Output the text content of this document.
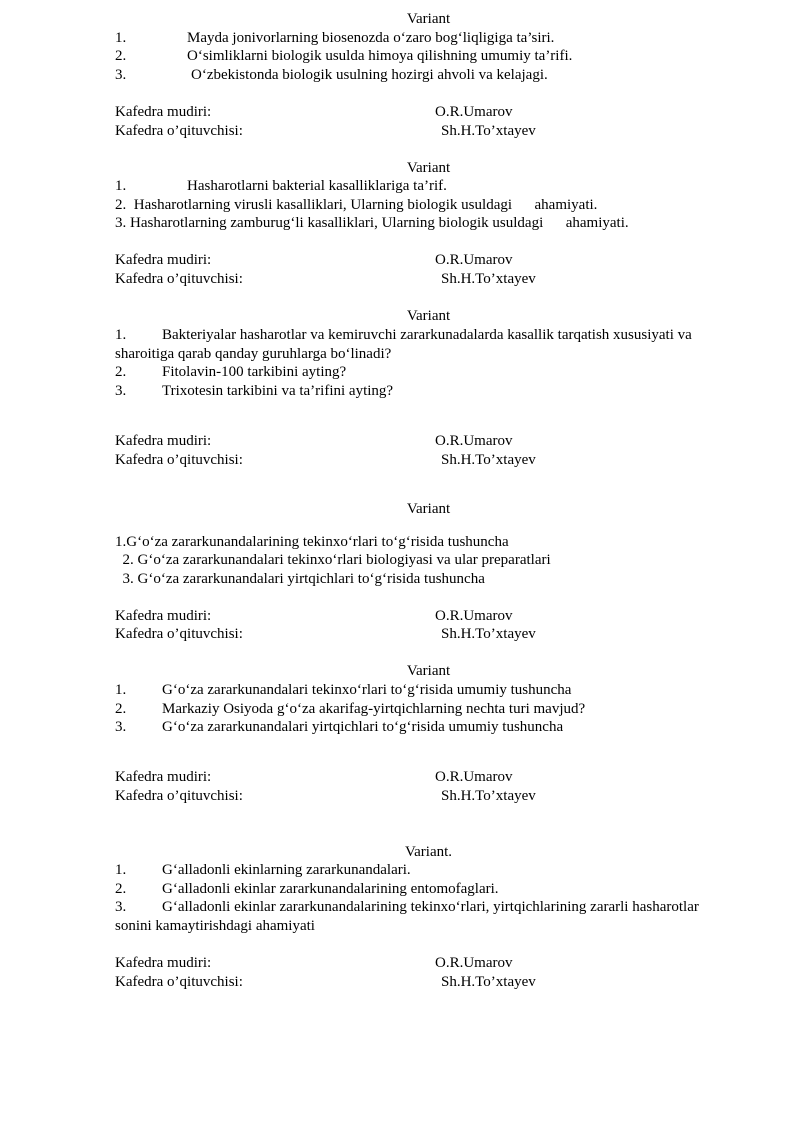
Variant
1.	Mayda jonivorlarning biosenozda o‘zaro bog‘liqligiga ta’siri.
2.	O‘simliklarni biologik usulda himoya qilishning umumiy ta’rifi.
3.	O‘zbekistonda biologik usulning hozirgi ahvoli va kelajagi.
Kafedra mudiri:	O.R.Umarov
Kafedra o’qituvchisi:	Sh.H.To’xtayev
Variant
1.	Hasharotlarni bakterial kasalliklariga ta’rif.
2.  Hasharotlarning virusli kasalliklari, Ularning biologik usuldagi      ahamiyati.
3. Hasharotlarning zamburug‘li kasalliklari, Ularning biologik usuldagi      ahamiyati.
Kafedra mudiri:	O.R.Umarov
Kafedra o’qituvchisi:	Sh.H.To’xtayev
Variant
1. Bakteriyalar hasharotlar va kemiruvchi zararkunadalarda kasallik tarqatish xususiyati va
sharoitiga qarab qanday guruhlarga bo‘linadi?
2. Fitolavin-100 tarkibini ayting?
3. Trixotesin tarkibini va ta’rifini ayting?
Kafedra mudiri:	O.R.Umarov
Kafedra o’qituvchisi:	Sh.H.To’xtayev
Variant
1.G‘o‘za zararkunandalarining tekinxo‘rlari to‘g‘risida tushuncha
2. G‘o‘za zararkunandalari tekinxo‘rlari biologiyasi va ular preparatlari
3. G‘o‘za zararkunandalari yirtqichlari to‘g‘risida tushuncha
Kafedra mudiri:	O.R.Umarov
Kafedra o’qituvchisi:	Sh.H.To’xtayev
Variant
1. G‘o‘za zararkunandalari tekinxo‘rlari to‘g‘risida umumiy tushuncha
2. Markaziy Osiyoda g‘o‘za akarifag-yirtqichlarning nechta turi mavjud?
3. G‘o‘za zararkunandalari yirtqichlari to‘g‘risida umumiy tushuncha
Kafedra mudiri:	O.R.Umarov
Kafedra o’qituvchisi:	Sh.H.To’xtayev
Variant.
1. G‘alladonli ekinlarning zararkunandalari.
2. G‘alladonli ekinlar zararkunandalarining entomofaglari.
3. G‘alladonli ekinlar zararkunandalarining tekinxo‘rlari, yirtqichlarining zararli hasharotlar
sonini kamaytirishdagi ahamiyati
Kafedra mudiri:	O.R.Umarov
Kafedra o’qituvchisi:	Sh.H.To’xtayev
